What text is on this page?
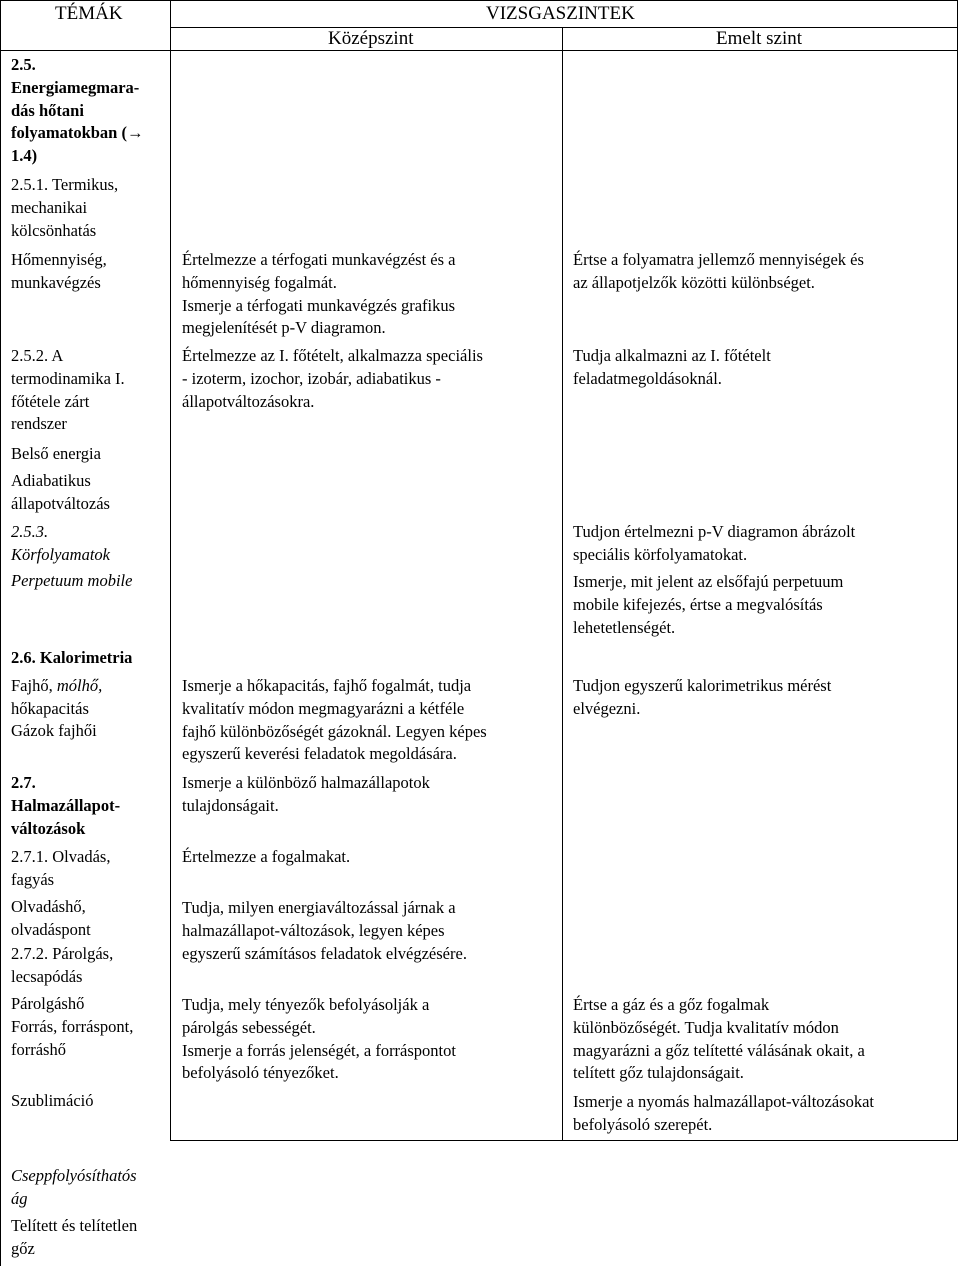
TÉMÁK	VIZSGASZINTEK
Középszint	Emelt szint
2.5.
Energiamegmara-
dás hőtani
folyamatokban (→
1.4)
2.5.1. Termikus,
mechanikai
kölcsönhatás
Hőmennyiség,
munkavégzés
2.5.2. A
termodinamika I.
főtétele zárt
rendszer
Belső energia
Adiabatikus
állapotváltozás
2.5.3.
Körfolyamatok
Perpetuum mobile
2.6. Kalorimetria
Fajhő, mólhő,
hőkapacitás
Gázok fajhői
2.7.
Halmazállapot-
változások
2.7.1. Olvadás,
fagyás
Olvadáshő,
olvadáspont
2.7.2. Párolgás,
lecsapódás
Párolgáshő
Forrás, forráspont,
forráshő
Szublimáció
Cseppfolyósíthatós
ág
Telített és telítetlen
gőz
Értelmezze a térfogati munkavégzést és a
hőmennyiség fogalmát.
Ismerje a térfogati munkavégzés grafikus
megjelenítését p-V diagramon.
Értelmezze az I. főtételt, alkalmazza speciális
- izoterm, izochor, izobár, adiabatikus -
állapotváltozásokra.
Ismerje a hőkapacitás, fajhő fogalmát, tudja
kvalitatív módon megmagyarázni a kétféle
fajhő különbözőségét gázoknál. Legyen képes
egyszerű keverési feladatok megoldására.
Ismerje a különböző halmazállapotok
tulajdonságait.
Értelmezze a fogalmakat.
Tudja, milyen energiaváltozással járnak a
halmazállapot-változások, legyen képes
egyszerű számításos feladatok elvégzésére.
Tudja, mely tényezők befolyásolják a
párolgás sebességét.
Ismerje a forrás jelenségét, a forráspontot
befolyásoló tényezőket.
Értse a folyamatra jellemző mennyiségek és
az állapotjelzők közötti különbséget.
Tudja alkalmazni az I. főtételt
feladatmegoldásoknál.
Tudjon értelmezni p-V diagramon ábrázolt
speciális körfolyamatokat.
Ismerje, mit jelent az elsőfajú perpetuum
mobile kifejezés, értse a megvalósítás
lehetetlenségét.
Tudjon egyszerű kalorimetrikus mérést
elvégezni.
Értse a gáz és a gőz fogalmak
különbözőségét. Tudja kvalitatív módon
magyarázni a gőz telítetté válásának okait, a
telített gőz tulajdonságait.
Ismerje a nyomás halmazállapot-változásokat
befolyásoló szerepét.
